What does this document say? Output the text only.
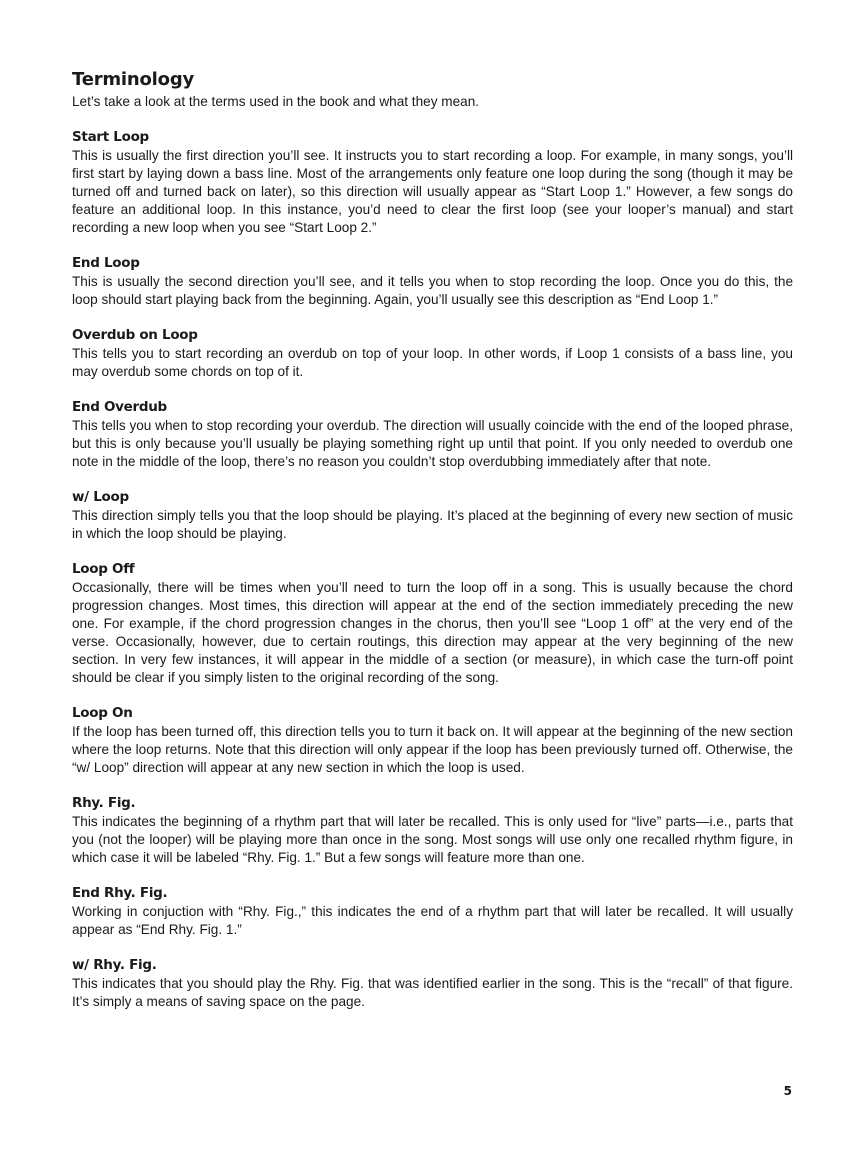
Terminology

Let’s take a look at the terms used in the book and what they mean.

Start Loop

This is usually the first direction you’ll see. It instructs you to start recording a loop. For example, in many songs, you’ll first start by laying down a bass line. Most of the arrangements only feature one loop during the song (though it may be turned off and turned back on later), so this direction will usually appear as “Start Loop 1.” However, a few songs do feature an additional loop. In this instance, you’d need to clear the first loop (see your looper’s manual) and start recording a new loop when you see “Start Loop 2.”

End Loop

This is usually the second direction you’ll see, and it tells you when to stop recording the loop. Once you do this, the loop should start playing back from the beginning. Again, you’ll usually see this description as “End Loop 1.”

Overdub on Loop

This tells you to start recording an overdub on top of your loop. In other words, if Loop 1 consists of a bass line, you may overdub some chords on top of it.

End Overdub

This tells you when to stop recording your overdub. The direction will usually coincide with the end of the looped phrase, but this is only because you’ll usually be playing something right up until that point. If you only needed to overdub one note in the middle of the loop, there’s no reason you couldn’t stop overdubbing immediately after that note.

w/ Loop

This direction simply tells you that the loop should be playing. It’s placed at the beginning of every new section of music in which the loop should be playing.

Loop Off

Occasionally, there will be times when you’ll need to turn the loop off in a song. This is usually because the chord progression changes. Most times, this direction will appear at the end of the section immediately preceding the new one. For example, if the chord progression changes in the chorus, then you’ll see “Loop 1 off” at the very end of the verse. Occasionally, however, due to certain routings, this direction may appear at the very beginning of the new section. In very few instances, it will appear in the middle of a section (or measure), in which case the turn-off point should be clear if you simply listen to the original recording of the song.

Loop On

If the loop has been turned off, this direction tells you to turn it back on. It will appear at the beginning of the new section where the loop returns. Note that this direction will only appear if the loop has been previously turned off. Otherwise, the “w/ Loop” direction will appear at any new section in which the loop is used.

Rhy. Fig.

This indicates the beginning of a rhythm part that will later be recalled. This is only used for “live” parts—i.e., parts that you (not the looper) will be playing more than once in the song. Most songs will use only one recalled rhythm figure, in which case it will be labeled “Rhy. Fig. 1.” But a few songs will feature more than one.

End Rhy. Fig.

Working in conjuction with “Rhy. Fig.,” this indicates the end of a rhythm part that will later be recalled. It will usually appear as “End Rhy. Fig. 1.”

w/ Rhy. Fig.

This indicates that you should play the Rhy. Fig. that was identified earlier in the song. This is the “recall” of that figure. It’s simply a means of saving space on the page.

5
